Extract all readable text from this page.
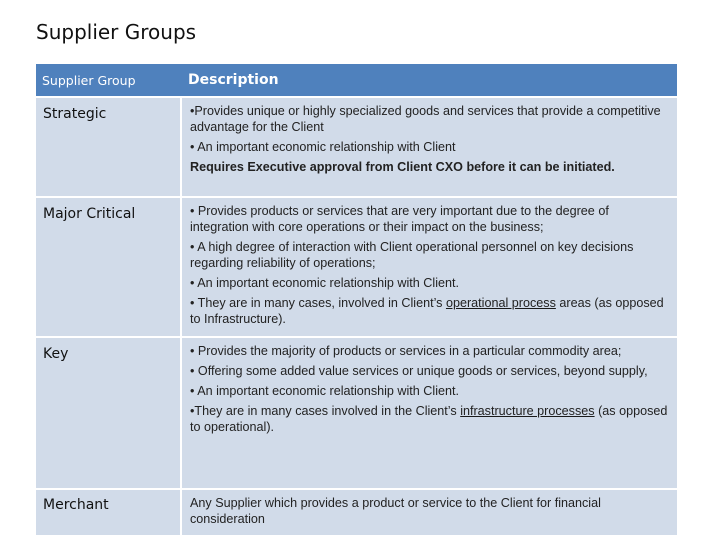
Supplier Groups
Supplier Group	Description
Strategic	•Provides unique or highly specialized goods and services that provide a competitive advantage for the Client

• An important economic relationship with Client

Requires Executive approval from Client CXO before it can be initiated.

Major Critical	• Provides products or services that are very important due to the degree of integration with core operations or their impact on the business;

• A high degree of interaction with Client operational personnel on key decisions regarding reliability of operations;

• An important economic relationship with Client.

• They are in many cases, involved in Client’s operational process areas (as opposed to Infrastructure).

Key	• Provides the majority of products or services in a particular commodity area;

• Offering some added value services or unique goods or services, beyond supply,

• An important economic relationship with Client.

•They are in many cases involved in the Client’s infrastructure processes (as opposed to operational).

Merchant	Any Supplier which provides a product or service to the Client for financial consideration
